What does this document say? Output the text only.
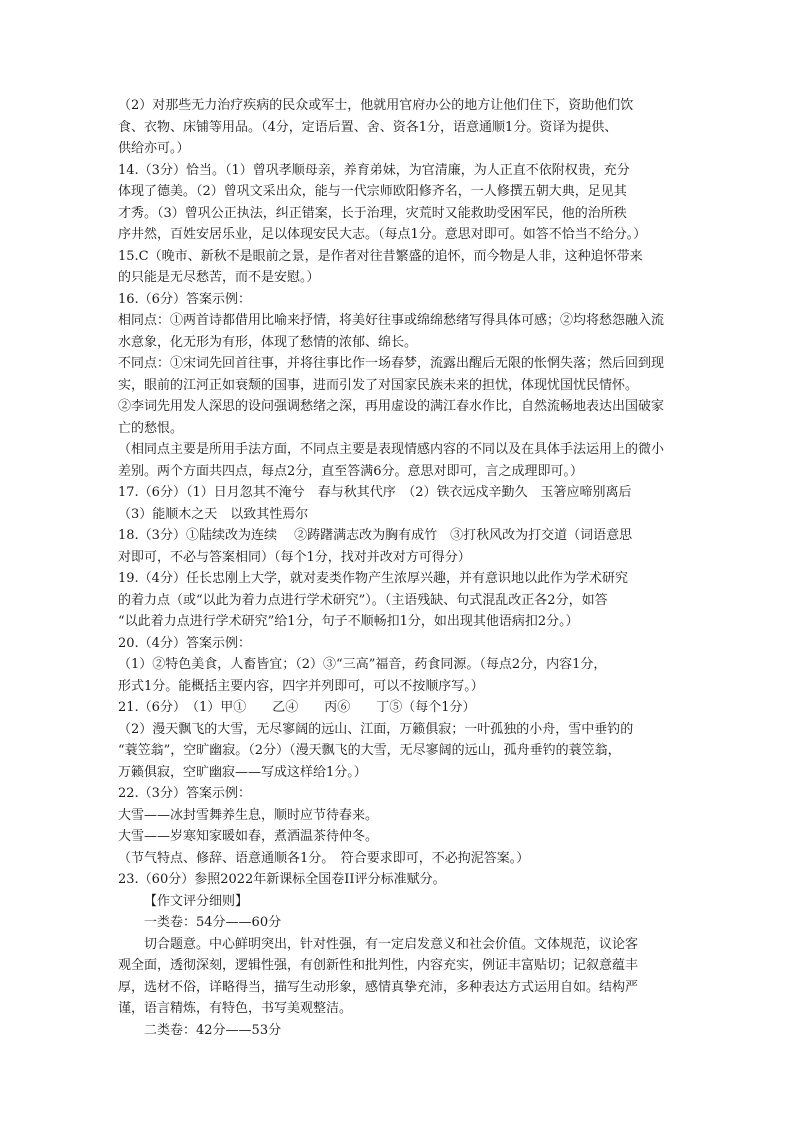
（2）对那些无力治疗疾病的民众或军士，他就用官府办公的地方让他们住下，资助他们饮
食、衣物、床铺等用品。（4分，定语后置、舍、资各1分，语意通顺1分。资译为提供、
供给亦可。）
14.（3分）恰当。（1）曾巩孝顺母亲，养育弟妹，为官清廉，为人正直不依附权贵，充分
体现了德美。（2）曾巩文采出众，能与一代宗师欧阳修齐名，一人修撰五朝大典，足见其
才秀。（3）曾巩公正执法，纠正错案，长于治理，灾荒时又能救助受困军民，他的治所秩
序井然，百姓安居乐业，足以体现安民大志。（每点1分。意思对即可。如答不恰当不给分。）
15.C（晚市、新秋不是眼前之景，是作者对往昔繁盛的追怀，而今物是人非，这种追怀带来
的只能是无尽愁苦，而不是安慰。）
16.（6分）答案示例：
相同点：①两首诗都借用比喻来抒情，将美好往事或绵绵愁绪写得具体可感；②均将愁怨融入流
水意象，化无形为有形，体现了愁情的浓郁、绵长。
不同点：①宋词先回首往事，并将往事比作一场春梦，流露出醒后无限的怅惘失落；然后回到现
实，眼前的江河正如衰颓的国事，进而引发了对国家民族未来的担忧，体现忧国忧民情怀。
②李词先用发人深思的设问强调愁绪之深，再用虚设的满江春水作比，自然流畅地表达出国破家
亡的愁恨。
（相同点主要是所用手法方面，不同点主要是表现情感内容的不同以及在具体手法运用上的微小
差别。两个方面共四点，每点2分，直至答满6分。意思对即可，言之成理即可。）
17.（6分）（1）日月忽其不淹兮　春与秋其代序　（2）铁衣远戍辛勤久　玉箸应啼别离后
（3）能顺木之天　以致其性焉尔
18.（3分）①陆续改为连续　 ②踌躇满志改为胸有成竹　③打秋风改为打交道（词语意思
对即可，不必与答案相同）（每个1分，找对并改对方可得分）
19.（4分）任长忠刚上大学，就对麦类作物产生浓厚兴趣，并有意识地以此作为学术研究
的着力点（或“以此为着力点进行学术研究”）。（主语残缺、句式混乱改正各2分，如答
“以此着力点进行学术研究”给1分，句子不顺畅扣1分，如出现其他语病扣2分。）
20.（4分）答案示例：
（1）②特色美食，人畜皆宜；（2）③“三高”福音，药食同源。（每点2分，内容1分，
形式1分。能概括主要内容，四字并列即可，可以不按顺序写。）
21.（6分）　（1）甲①　　乙④　　丙⑥　　丁⑤（每个1分）
（2）漫天飘飞的大雪，无尽寥阔的远山、江面，万籁俱寂；一叶孤独的小舟，雪中垂钓的
“蓑笠翁”，空旷幽寂。（2分）（漫天飘飞的大雪，无尽寥阔的远山，孤舟垂钓的蓑笠翁，
万籁俱寂，空旷幽寂——写成这样给1分。）
22.（3分）答案示例：
大雪——冰封雪舞养生息，顺时应节待春来。
大雪——岁寒知家暖如春，煮酒温茶待仲冬。
（节气特点、修辞、语意通顺各1分。　符合要求即可，不必拘泥答案。）
23.（60分）参照2022年新课标全国卷II评分标准赋分。
【作文评分细则】
一类卷：54分——60分
切合题意。中心鲜明突出，针对性强，有一定启发意义和社会价值。文体规范，议论客
观全面，透彻深刻，逻辑性强，有创新性和批判性，内容充实，例证丰富贴切；记叙意蕴丰
厚，选材不俗，详略得当，描写生动形象，感情真挚充沛，多种表达方式运用自如。结构严
谨，语言精炼，有特色，书写美观整洁。
二类卷：42分——53分
